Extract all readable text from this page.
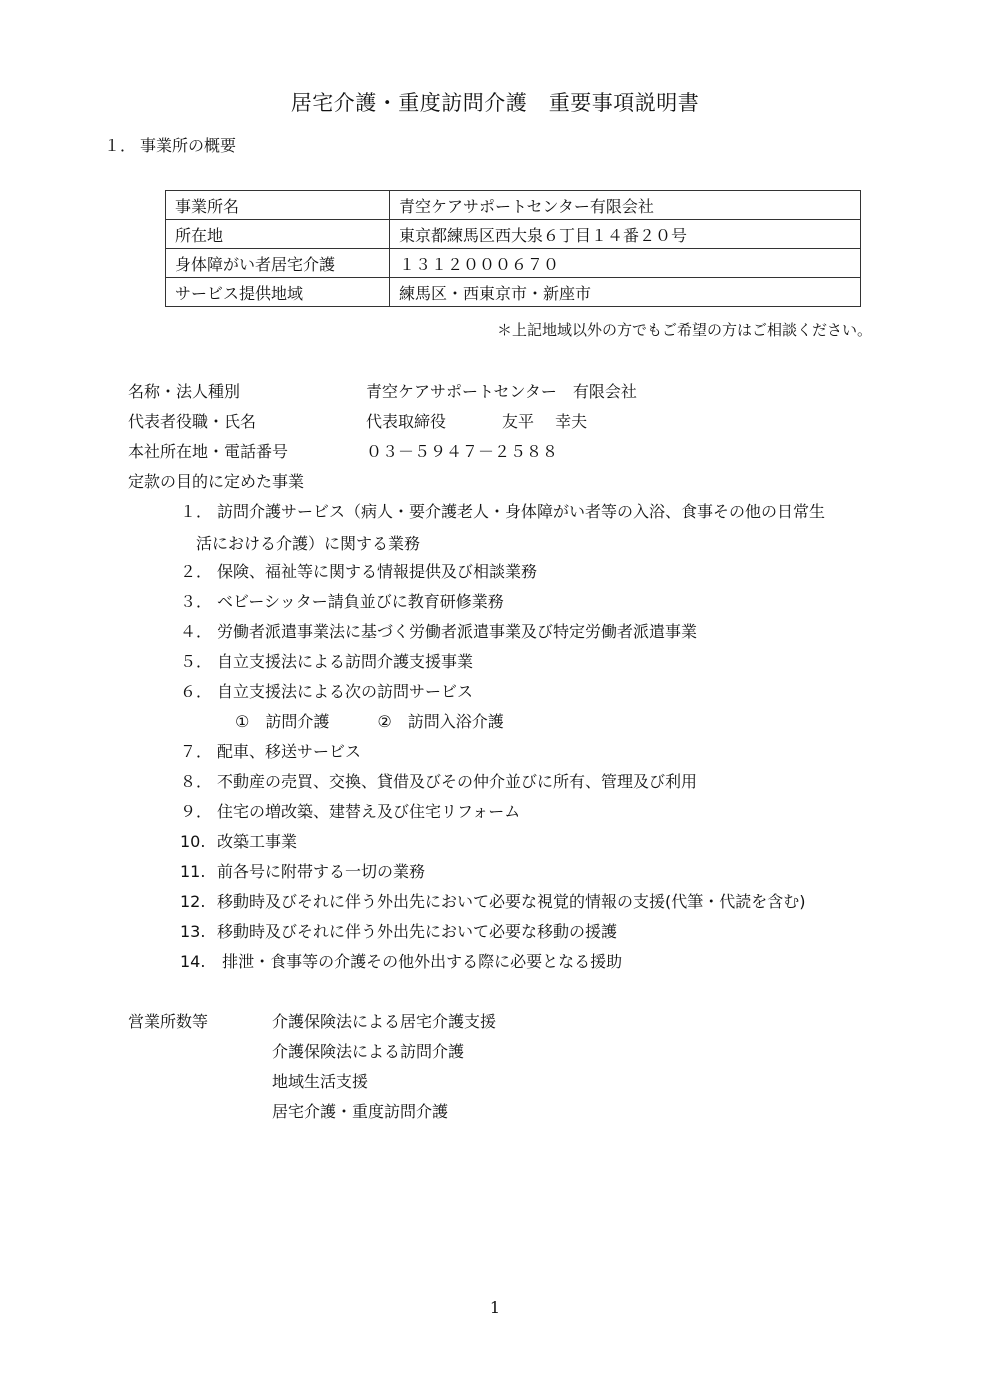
居宅介護・重度訪問介護　重要事項説明書
１． 事業所の概要
事業所名	青空ケアサポートセンター有限会社
所在地	東京都練馬区西大泉６丁目１４番２０号
身体障がい者居宅介護	１３１２０００６７０
サービス提供地域	練馬区・西東京市・新座市
＊上記地域以外の方でもご希望の方はご相談ください。
名称・法人種別	青空ケアサポートセンター　有限会社
代表者役職・氏名	代表取締役	友平　 幸夫
本社所在地・電話番号	０３－５９４７－２５８８
定款の目的に定めた事業
１． 訪問介護サービス（病人・要介護老人・身体障がい者等の入浴、食事その他の日常生
活における介護）に関する業務
２． 保険、福祉等に関する情報提供及び相談業務
３． ベビーシッター請負並びに教育研修業務
４． 労働者派遣事業法に基づく労働者派遣事業及び特定労働者派遣事業
５． 自立支援法による訪問介護支援事業
６． 自立支援法による次の訪問サービス
①　訪問介護	②　訪問入浴介護
７． 配車、移送サービス
８． 不動産の売買、交換、貸借及びその仲介並びに所有、管理及び利用
９． 住宅の増改築、建替え及び住宅リフォーム
10. 改築工事業
11. 前各号に附帯する一切の業務
12. 移動時及びそれに伴う外出先において必要な視覚的情報の支援(代筆・代読を含む)
13. 移動時及びそれに伴う外出先において必要な移動の援護
14. 排泄・食事等の介護その他外出する際に必要となる援助
営業所数等	介護保険法による居宅介護支援
介護保険法による訪問介護
地域生活支援
居宅介護・重度訪問介護
1
